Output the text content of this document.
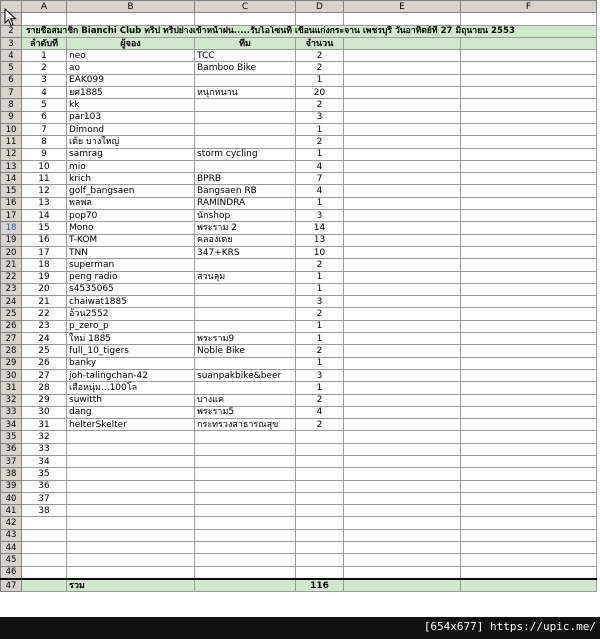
	A	B	C	D	E	F

2	รายชื่อสมาชิก Bianchi Club ทริป ทริปย่างเข้าหน้าฝน.....รับโอโซนที่ เขื่อนแก่งกระจาน เพชรบุรี วันอาทิตย์ที่ 27 มิถุนายน 2553					
3	ลำดับที่	ผู้จอง	ทีม	จำนวน		
4	1	neo	TCC	2		
5	2	ao	Bamboo Bike	2		
6	3	EAK099		1		
7	4	ยศ1885	หนุกหนาน	20		
8	5	kk		2		
9	6	par103		3		
10	7	Dimond		1		
11	8	เต้ย บางใหญ่		2		
12	9	samrag	storm cycling	1		
13	10	mio		4		
14	11	krich	BPRB	7		
15	12	golf_bangsaen	Bangsaen RB	4		
16	13	พลพล	RAMINDRA	1		
17	14	pop70	นักshop	3		
18	15	Mono	พระราม 2	14		
19	16	T-KOM	คลองเตย	13		
20	17	TNN	347+KRS	10		
21	18	superman		2		
22	19	peng radio	สวนลุม	1		
23	20	s4535065		1		
24	21	chaiwat1885		3		
25	22	อ้วน2552		2		
26	23	p_zero_p		1		
27	24	ใหม่ 1885	พระราม9	1		
28	25	full_10_tigers	Noble Bike	2		
29	26	banky		1		
30	27	joh-talingchan-42	suanpakbike&beer	3		
31	28	เสือหนุ่ม...100โล		1		
32	29	suwitth	บางแค	2		
33	30	dang	พระราม5	4		
34	31	helterSkelter	กระทรวงสาธารณสุข	2		
35	32					
36	33					
37	34					
38	35					
39	36					
40	37					
41	38					
42						
43						
44						
45						
46						
47		รวม		116		
[654x677] https://upic.me/
